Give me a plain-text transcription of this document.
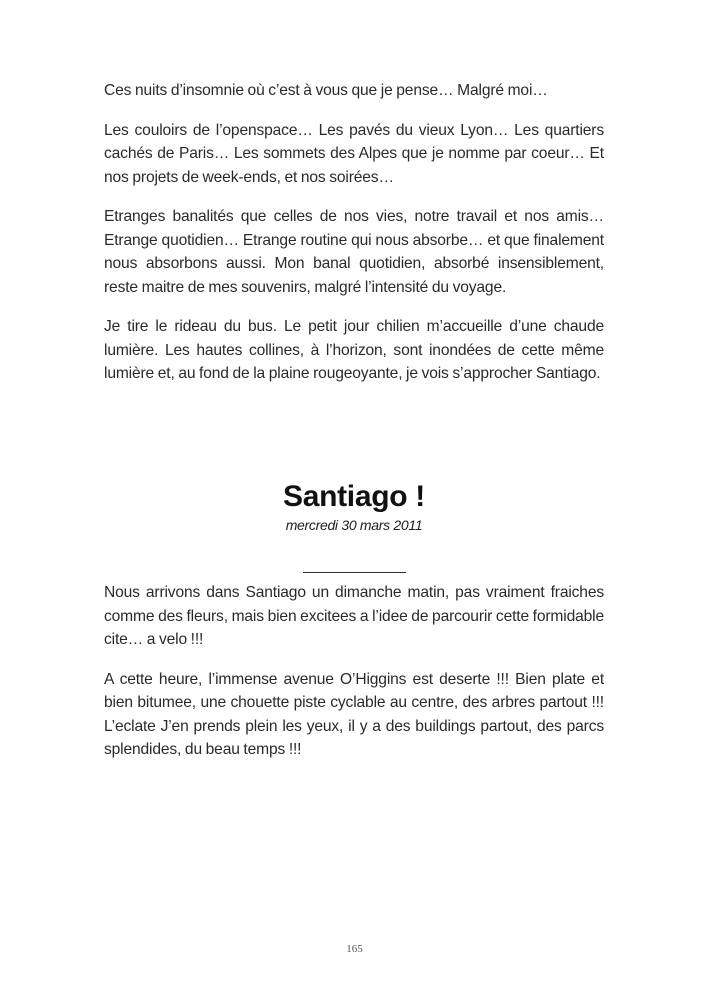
Ces nuits d’insomnie où c’est à vous que je pense… Malgré moi…

Les couloirs de l’openspace… Les pavés du vieux Lyon… Les quartiers cachés de Paris… Les sommets des Alpes que je nomme par coeur… Et nos projets de week-ends, et nos soirées…

Etranges banalités que celles de nos vies, notre travail et nos amis… Etrange quotidien… Etrange routine qui nous absorbe… et que finalement nous absorbons aussi. Mon banal quotidien, absorbé insensiblement, reste maitre de mes souvenirs, malgré l’intensité du voyage.

Je tire le rideau du bus. Le petit jour chilien m’accueille d’une chaude lumière. Les hautes collines, à l’horizon, sont inondées de cette même lumière et, au fond de la plaine rougeoyante, je vois s’approcher Santiago.

Santiago !

mercredi 30 mars 2011

Nous arrivons dans Santiago un dimanche matin, pas vraiment fraiches comme des fleurs, mais bien excitees a l’idee de parcourir cette formidable cite… a velo !!!

A cette heure, l’immense avenue O’Higgins est deserte !!! Bien plate et bien bitumee, une chouette piste cyclable au centre, des arbres partout !!! L’eclate J’en prends plein les yeux, il y a des buildings partout, des parcs splendides, du beau temps !!!

165
